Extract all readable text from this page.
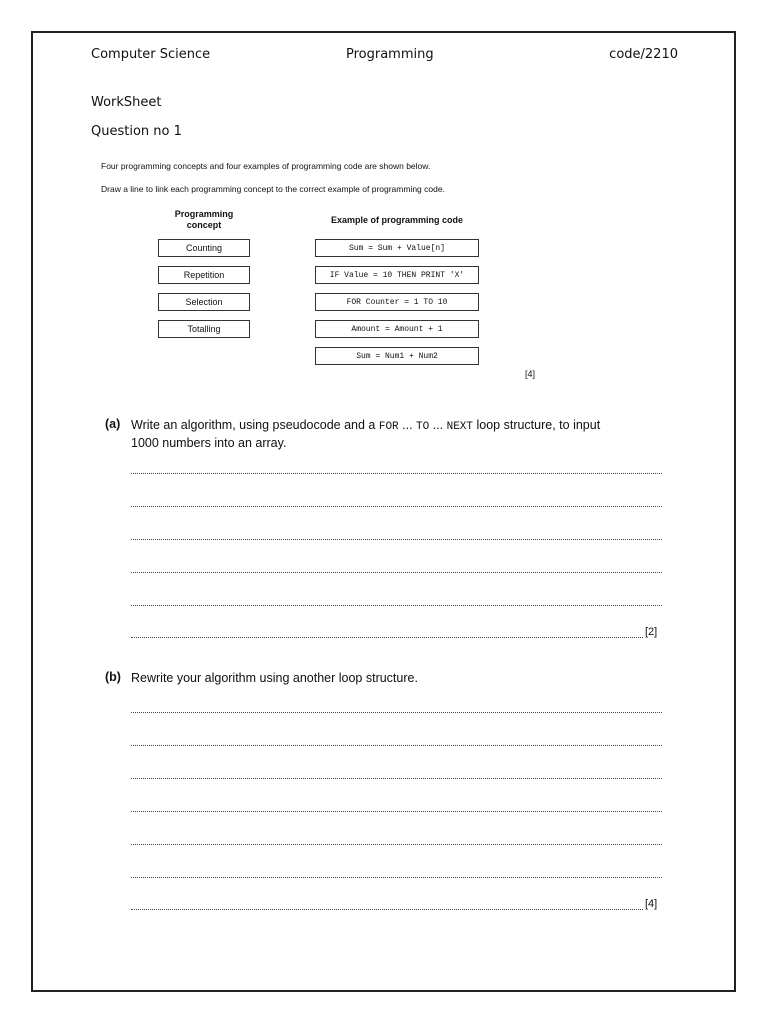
Computer Science	Programming	code/2210
WorkSheet
Question no 1
Four programming concepts and four examples of programming code are shown below.
Draw a line to link each programming concept to the correct example of programming code.
Programming
concept	Example of programming code
Counting
Repetition
Selection
Totalling
Sum = Sum + Value[n]
IF Value = 10 THEN PRINT 'X'
FOR Counter = 1 TO 10
Amount = Amount + 1
Sum = Num1 + Num2
[4]
(a) Write an algorithm, using pseudocode and a FOR ... TO ... NEXT loop structure, to input
1000 numbers into an array.
[2]
(b) Rewrite your algorithm using another loop structure.
[4]
